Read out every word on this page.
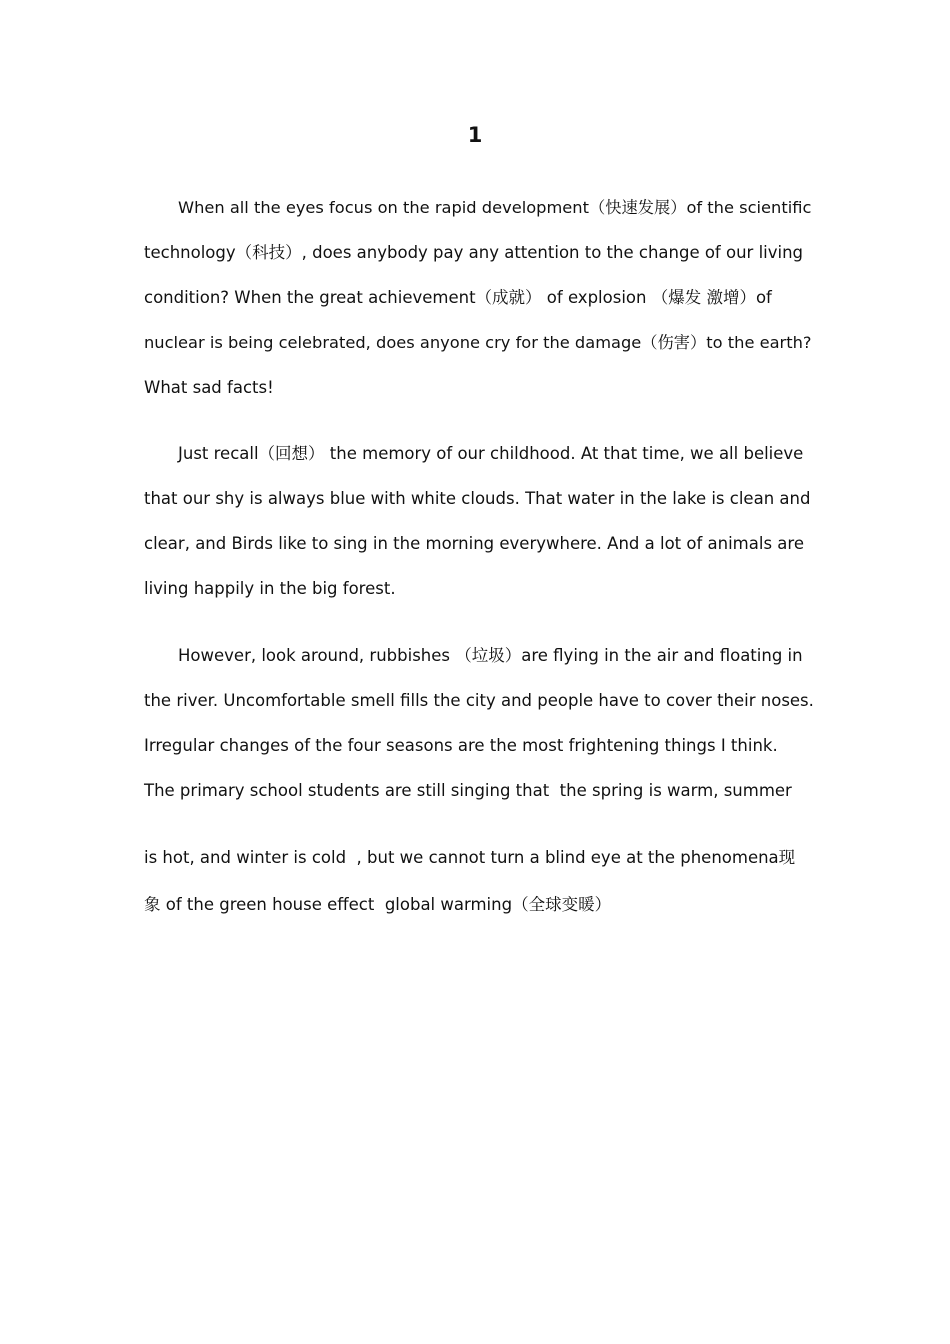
1
When all the eyes focus on the rapid development（快速发展）of the scientific
technology（科技）, does anybody pay any attention to the change of our living
condition? When the great achievement（成就） of explosion （爆发 激增）of
nuclear is being celebrated, does anyone cry for the damage（伤害）to the earth?
What sad facts!
Just recall（回想） the memory of our childhood. At that time, we all believe
that our shy is always blue with white clouds. That water in the lake is clean and
clear, and Birds like to sing in the morning everywhere. And a lot of animals are
living happily in the big forest.
However, look around, rubbishes （垃圾）are flying in the air and floating in
the river. Uncomfortable smell fills the city and people have to cover their noses.
Irregular changes of the four seasons are the most frightening things I think.
The primary school students are still singing that  the spring is warm, summer
is hot, and winter is cold  , but we cannot turn a blind eye at the phenomena现
象 of the green house effect  global warming（全球变暖）
